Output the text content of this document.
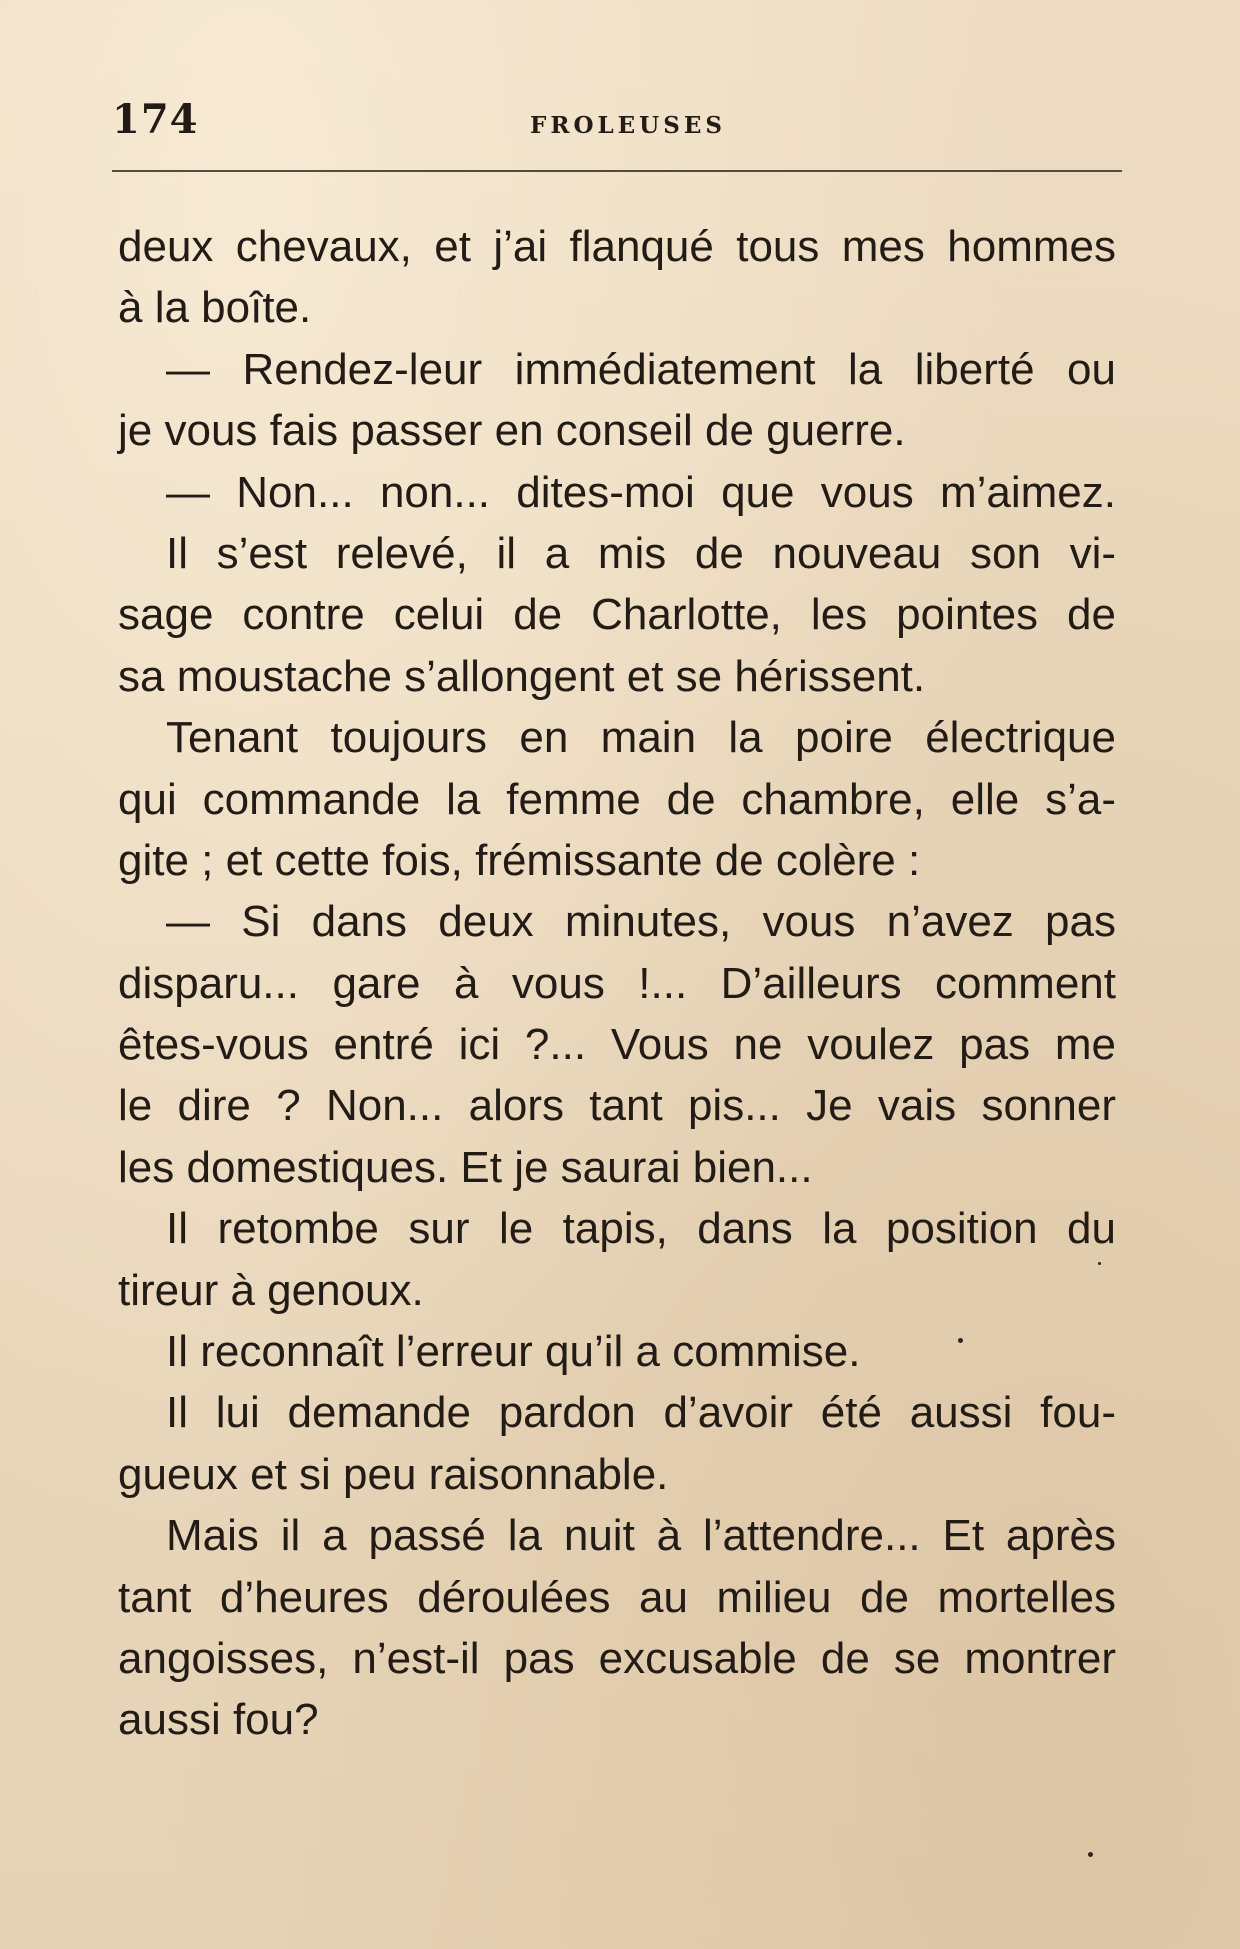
174	FROLEUSES
deux chevaux, et j’ai flanqué tous mes hommes
à la boîte.
— Rendez-leur immédiatement la liberté ou
je vous fais passer en conseil de guerre.
— Non... non... dites-moi que vous m’aimez.
Il s’est relevé, il a mis de nouveau son vi-
sage contre celui de Charlotte, les pointes de
sa moustache s’allongent et se hérissent.
Tenant toujours en main la poire électrique
qui commande la femme de chambre, elle s’a-
gite ; et cette fois, frémissante de colère :
— Si dans deux minutes, vous n’avez pas
disparu... gare à vous !... D’ailleurs comment
êtes-vous entré ici ?... Vous ne voulez pas me
le dire ? Non... alors tant pis... Je vais sonner
les domestiques. Et je saurai bien...
Il retombe sur le tapis, dans la position du
tireur à genoux.
Il reconnaît l’erreur qu’il a commise.
Il lui demande pardon d’avoir été aussi fou-
gueux et si peu raisonnable.
Mais il a passé la nuit à l’attendre... Et après
tant d’heures déroulées au milieu de mortelles
angoisses, n’est-il pas excusable de se montrer
aussi fou?
